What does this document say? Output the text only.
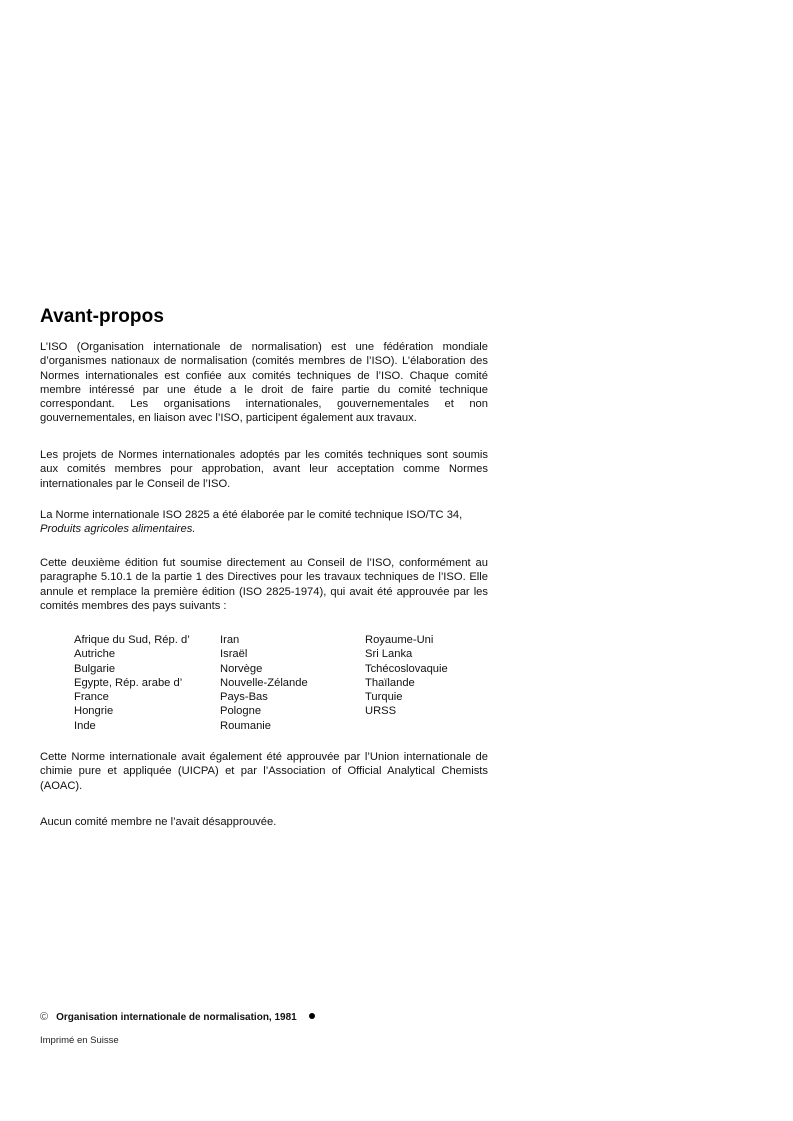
Avant-propos

L’ISO (Organisation internationale de normalisation) est une fédération mondiale d’organismes nationaux de normalisation (comités membres de l’ISO). L’élaboration des Normes internationales est confiée aux comités techniques de l’ISO. Chaque comité membre intéressé par une étude a le droit de faire partie du comité technique correspondant. Les organisations internationales, gouvernementales et non gouvernementales, en liaison avec l’ISO, participent également aux travaux.

Les projets de Normes internationales adoptés par les comités techniques sont soumis aux comités membres pour approbation, avant leur acceptation comme Normes internationales par le Conseil de l’ISO.

La Norme internationale ISO 2825 a été élaborée par le comité technique ISO/TC 34,
Produits agricoles alimentaires.

Cette deuxième édition fut soumise directement au Conseil de l’ISO, conformément au paragraphe 5.10.1 de la partie 1 des Directives pour les travaux techniques de l’ISO. Elle annule et remplace la première édition (ISO 2825-1974), qui avait été approuvée par les comités membres des pays suivants :

Afrique du Sud, Rép. d’
Autriche
Bulgarie
Egypte, Rép. arabe d’
France
Hongrie
Inde
Iran
Israël
Norvège
Nouvelle-Zélande
Pays-Bas
Pologne
Roumanie
Royaume-Uni
Sri Lanka
Tchécoslovaquie
Thaïlande
Turquie
URSS

Cette Norme internationale avait également été approuvée par l’Union internationale de chimie pure et appliquée (UICPA) et par l’Association of Official Analytical Chemists (AOAC).

Aucun comité membre ne l’avait désapprouvée.

© Organisation internationale de normalisation, 1981
Imprimé en Suisse
